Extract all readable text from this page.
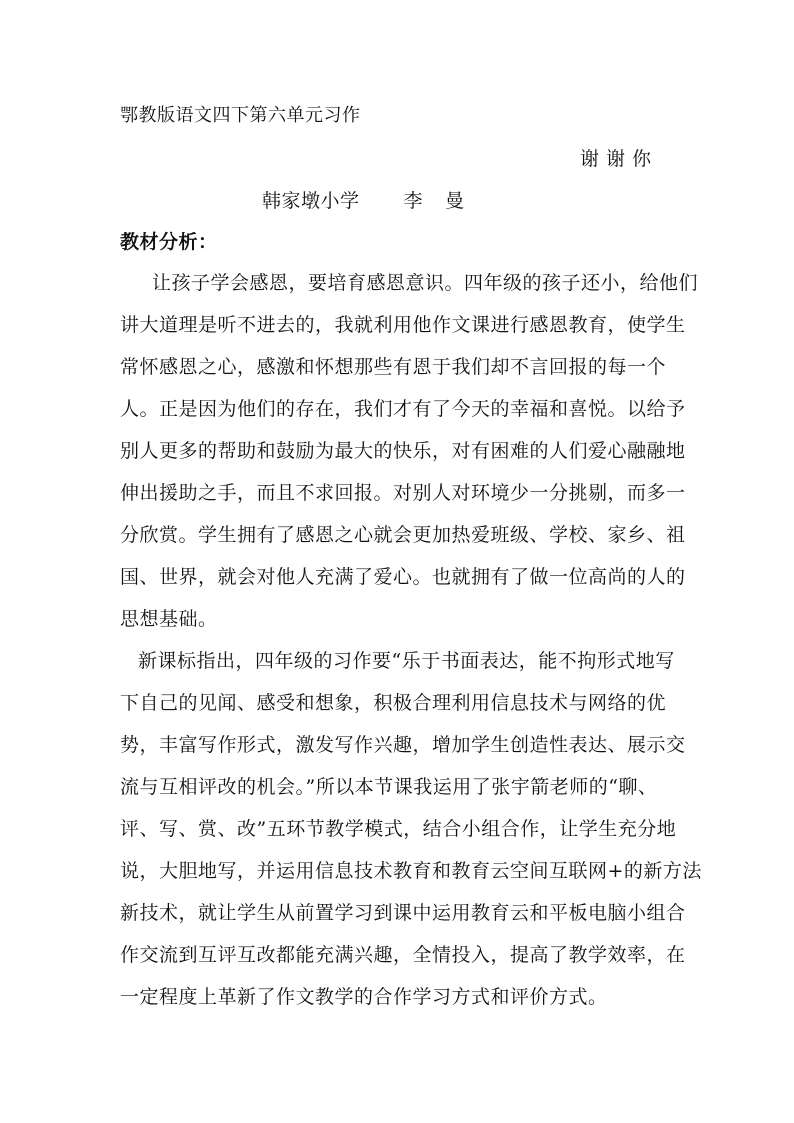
鄂教版语文四下第六单元习作
谢谢你
韩家墩小学 李 曼
教材分析：
让孩子学会感恩，要培育感恩意识。四年级的孩子还小，给他们
讲大道理是听不进去的，我就利用他作文课进行感恩教育，使学生
常怀感恩之心，感激和怀想那些有恩于我们却不言回报的每一个
人。正是因为他们的存在，我们才有了今天的幸福和喜悦。以给予
别人更多的帮助和鼓励为最大的快乐，对有困难的人们爱心融融地
伸出援助之手，而且不求回报。对别人对环境少一分挑剔，而多一
分欣赏。学生拥有了感恩之心就会更加热爱班级、学校、家乡、祖
国、世界，就会对他人充满了爱心。也就拥有了做一位高尚的人的
思想基础。
新课标指出，四年级的习作要“乐于书面表达，能不拘形式地写
下自己的见闻、感受和想象，积极合理利用信息技术与网络的优
势，丰富写作形式，激发写作兴趣，增加学生创造性表达、展示交
流与互相评改的机会。”所以本节课我运用了张宇箭老师的“聊、
评、写、赏、改”五环节教学模式，结合小组合作，让学生充分地
说，大胆地写，并运用信息技术教育和教育云空间互联网+的新方法
新技术，就让学生从前置学习到课中运用教育云和平板电脑小组合
作交流到互评互改都能充满兴趣，全情投入，提高了教学效率，在
一定程度上革新了作文教学的合作学习方式和评价方式。
